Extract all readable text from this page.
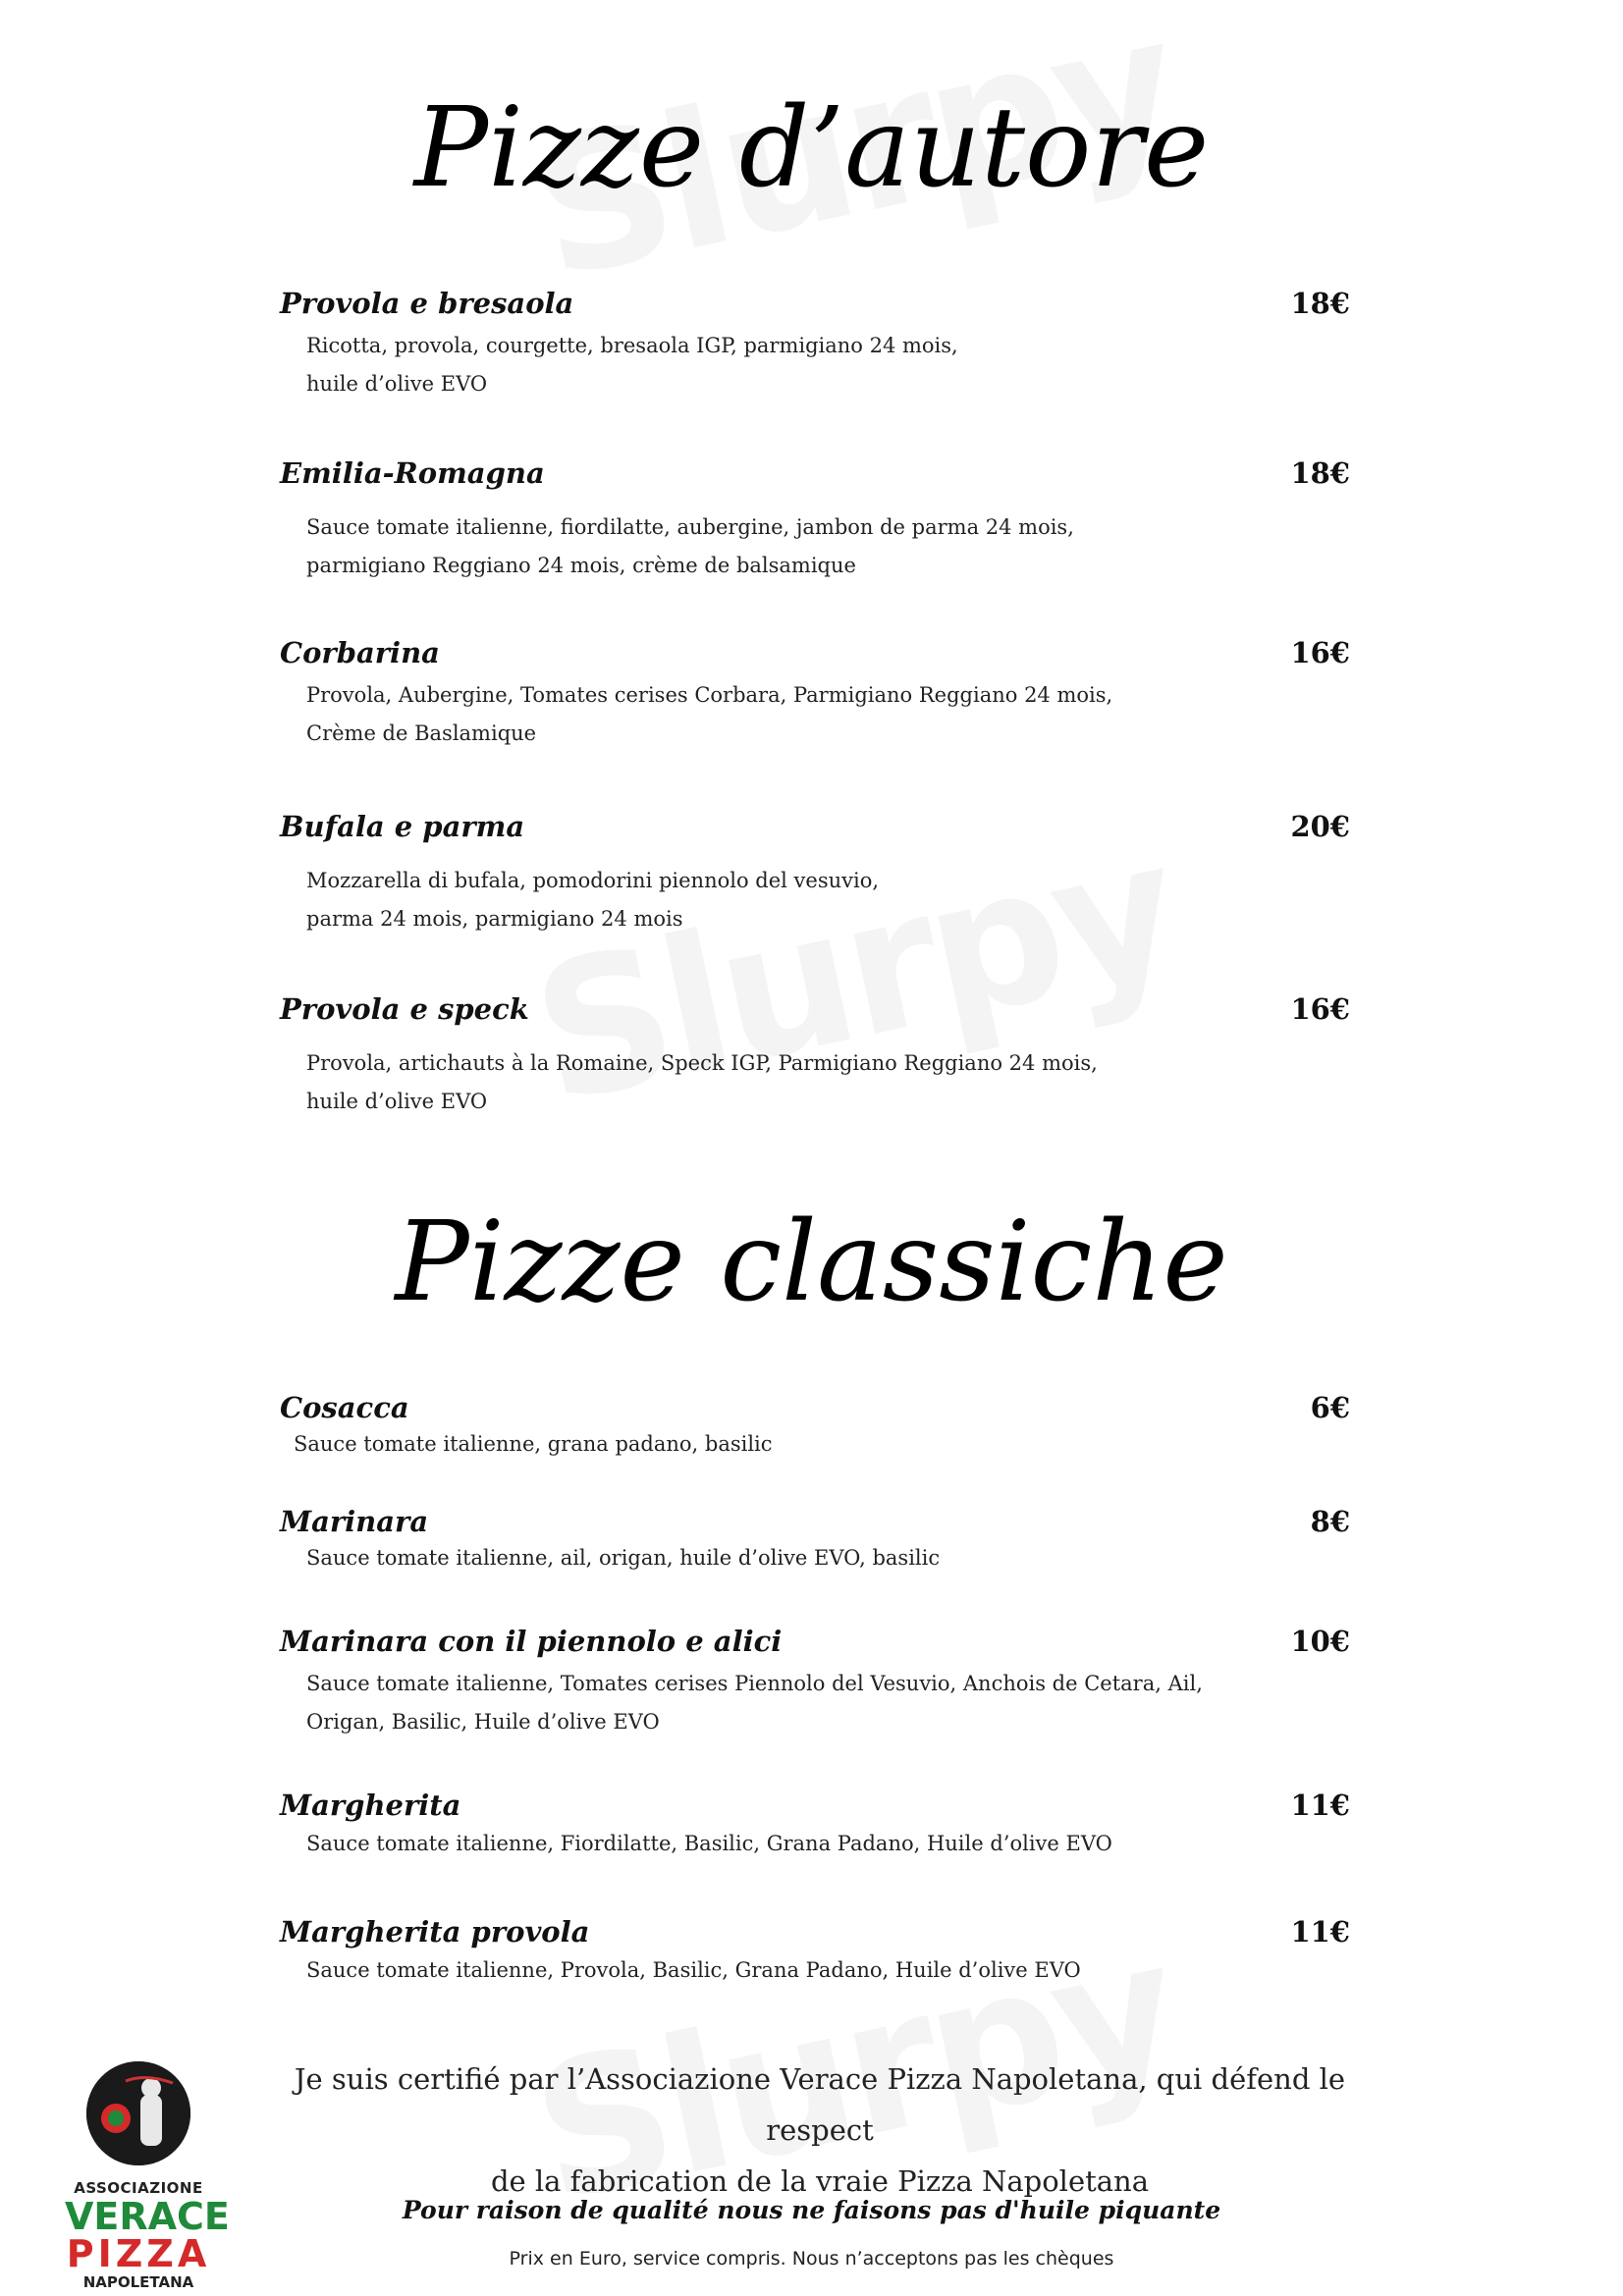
Pizze d’autore
Provola e bresaola	18€
Ricotta, provola, courgette, bresaola IGP, parmigiano 24 mois,
huile d’olive EVO
Emilia-Romagna	18€
Sauce tomate italienne, fiordilatte, aubergine, jambon de parma 24 mois,
parmigiano Reggiano 24 mois, crème de balsamique
Corbarina	16€
Provola, Aubergine, Tomates cerises Corbara, Parmigiano Reggiano 24 mois,
Crème de Baslamique
Bufala e parma	20€
Mozzarella di bufala, pomodorini piennolo del vesuvio,
parma 24 mois, parmigiano 24 mois
Provola e speck	16€
Provola, artichauts à la Romaine, Speck IGP, Parmigiano Reggiano 24 mois,
huile d’olive EVO
Pizze classiche
Cosacca	6€
Sauce tomate italienne, grana padano, basilic
Marinara	8€
Sauce tomate italienne, ail, origan, huile d’olive EVO, basilic
Marinara con il piennolo e alici	10€
Sauce tomate italienne, Tomates cerises Piennolo del Vesuvio, Anchois de Cetara, Ail,
Origan, Basilic, Huile d’olive EVO
Margherita	11€
Sauce tomate italienne, Fiordilatte, Basilic, Grana Padano, Huile d’olive EVO
Margherita provola	11€
Sauce tomate italienne, Provola, Basilic, Grana Padano, Huile d’olive EVO
ASSOCIAZIONE
VERACE
PIZZA
NAPOLETANA
Je suis certifié par l’Associazione Verace Pizza Napoletana, qui défend le respect
de la fabrication de la vraie Pizza Napoletana
Pour raison de qualité nous ne faisons pas d'huile piquante
Prix en Euro, service compris. Nous n’acceptons pas les chèques
